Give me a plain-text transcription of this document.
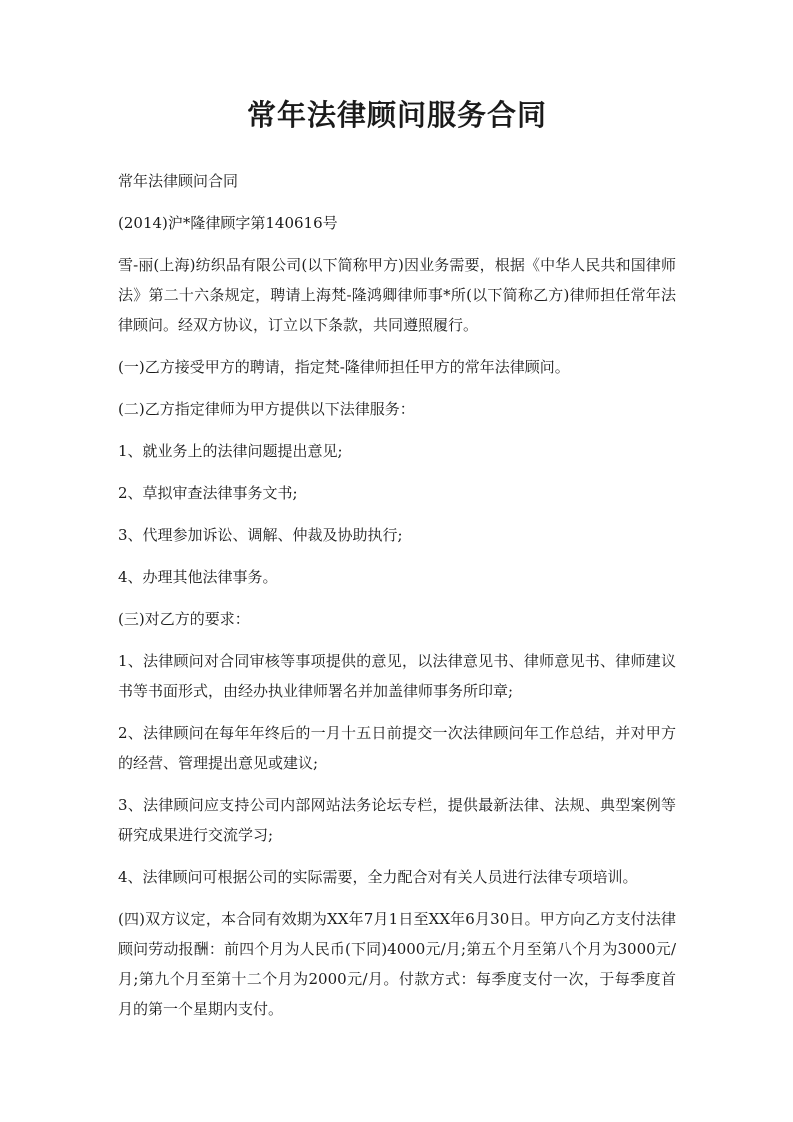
常年法律顾问服务合同

常年法律顾问合同

(2014)沪*隆律顾字第140616号

雪-丽(上海)纺织品有限公司(以下简称甲方)因业务需要，根据《中华人民共和国律师法》第二十六条规定，聘请上海梵-隆鸿卿律师事*所(以下简称乙方)律师担任常年法律顾问。经双方协议，订立以下条款，共同遵照履行。

(一)乙方接受甲方的聘请，指定梵-隆律师担任甲方的常年法律顾问。

(二)乙方指定律师为甲方提供以下法律服务：

1、就业务上的法律问题提出意见;

2、草拟审查法律事务文书;

3、代理参加诉讼、调解、仲裁及协助执行;

4、办理其他法律事务。

(三)对乙方的要求：

1、法律顾问对合同审核等事项提供的意见，以法律意见书、律师意见书、律师建议书等书面形式，由经办执业律师署名并加盖律师事务所印章;

2、法律顾问在每年年终后的一月十五日前提交一次法律顾问年工作总结，并对甲方的经营、管理提出意见或建议;

3、法律顾问应支持公司内部网站法务论坛专栏，提供最新法律、法规、典型案例等研究成果进行交流学习;

4、法律顾问可根据公司的实际需要，全力配合对有关人员进行法律专项培训。

(四)双方议定，本合同有效期为XX年7月1日至XX年6月30日。甲方向乙方支付法律顾问劳动报酬：前四个月为人民币(下同)4000元/月;第五个月至第八个月为3000元/月;第九个月至第十二个月为2000元/月。付款方式：每季度支付一次，于每季度首月的第一个星期内支付。
